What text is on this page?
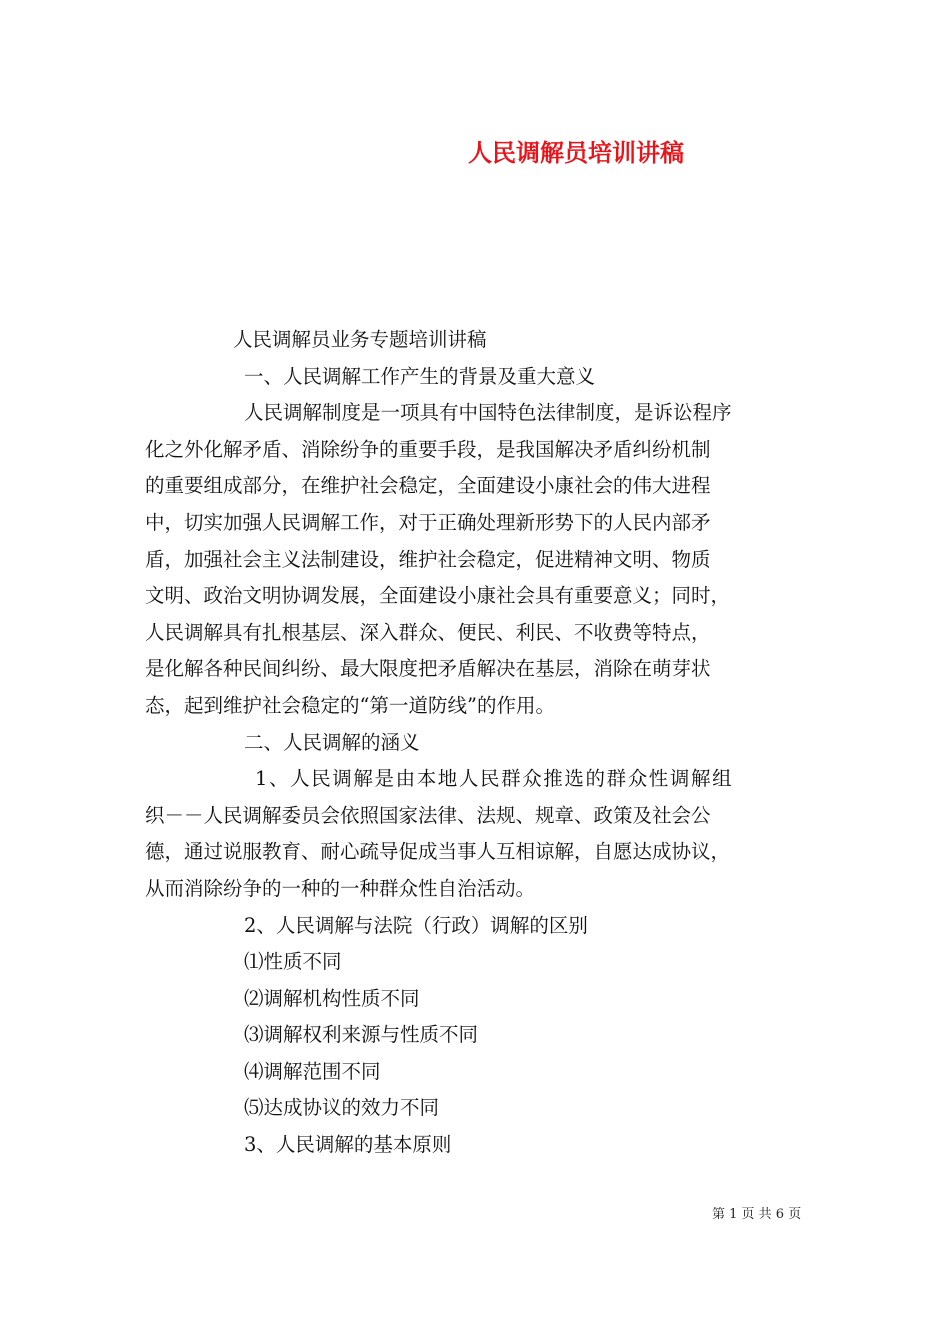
人民调解员培训讲稿
人民调解员业务专题培训讲稿
一、人民调解工作产生的背景及重大意义
人民调解制度是一项具有中国特色法律制度，是诉讼程序
化之外化解矛盾、消除纷争的重要手段，是我国解决矛盾纠纷机制
的重要组成部分，在维护社会稳定，全面建设小康社会的伟大进程
中，切实加强人民调解工作，对于正确处理新形势下的人民内部矛
盾，加强社会主义法制建设，维护社会稳定，促进精神文明、物质
文明、政治文明协调发展，全面建设小康社会具有重要意义；同时，
人民调解具有扎根基层、深入群众、便民、利民、不收费等特点，
是化解各种民间纠纷、最大限度把矛盾解决在基层，消除在萌芽状
态，起到维护社会稳定的“第一道防线”的作用。
二、人民调解的涵义
1、人民调解是由本地人民群众推选的群众性调解组
织－－人民调解委员会依照国家法律、法规、规章、政策及社会公
德，通过说服教育、耐心疏导促成当事人互相谅解，自愿达成协议，
从而消除纷争的一种的一种群众性自治活动。
2、人民调解与法院（行政）调解的区别
⑴性质不同
⑵调解机构性质不同
⑶调解权利来源与性质不同
⑷调解范围不同
⑸达成协议的效力不同
3、人民调解的基本原则
第 1 页 共 6 页
